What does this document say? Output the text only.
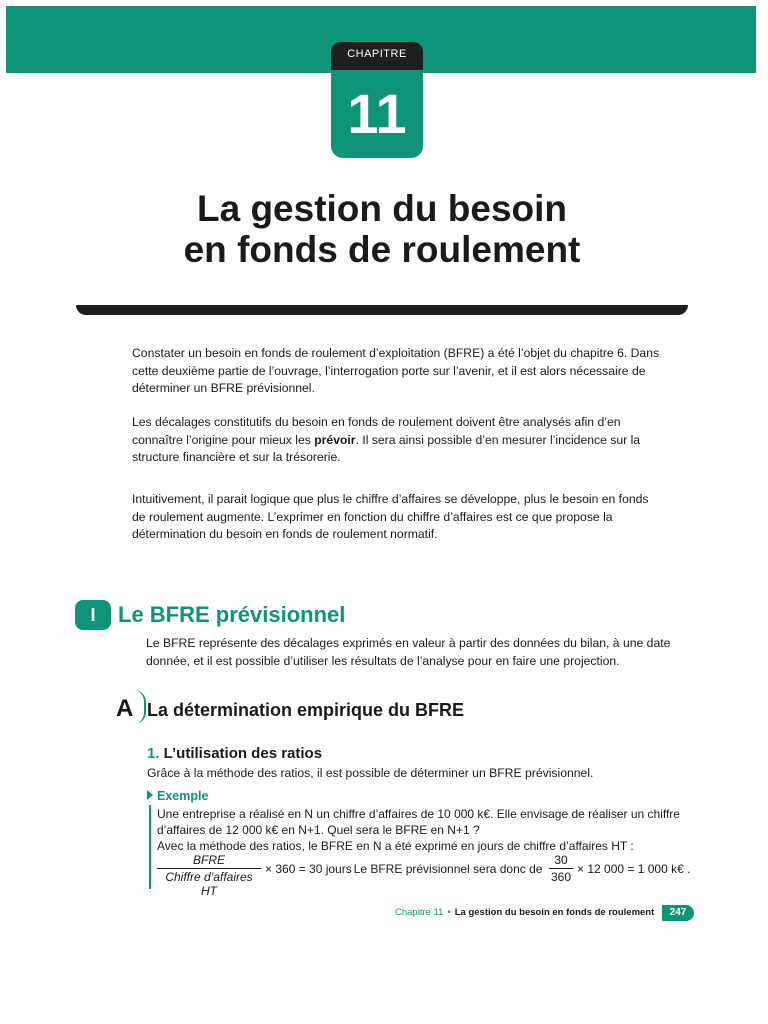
CHAPITRE
11
La gestion du besoin
en fonds de roulement
Constater un besoin en fonds de roulement d’exploitation (BFRE) a été l’objet du chapitre 6. Dans cette deuxième partie de l’ouvrage, l’interrogation porte sur l’avenir, et il est alors nécessaire de déterminer un BFRE prévisionnel.
Les décalages constitutifs du besoin en fonds de roulement doivent être analysés afin d’en connaître l’origine pour mieux les prévoir. Il sera ainsi possible d’en mesurer l’incidence sur la structure financière et sur la trésorerie.
Intuitivement, il parait logique que plus le chiffre d’affaires se développe, plus le besoin en fonds de roulement augmente. L’exprimer en fonction du chiffre d’affaires est ce que propose la détermination du besoin en fonds de roulement normatif.
I	Le BFRE prévisionnel
Le BFRE représente des décalages exprimés en valeur à partir des données du bilan, à une date donnée, et il est possible d’utiliser les résultats de l’analyse pour en faire une projection.
A La détermination empirique du BFRE
1. L’utilisation des ratios
Grâce à la méthode des ratios, il est possible de déterminer un BFRE prévisionnel.
Exemple
Une entreprise a réalisé en N un chiffre d’affaires de 10 000 k€. Elle envisage de réaliser un chiffre d’affaires de 12 000 k€ en N+1. Quel sera le BFRE en N+1 ?
Avec la méthode des ratios, le BFRE en N a été exprimé en jours de chiffre d’affaires HT :
BFRE
Chiffre d’affaires HT
× 360 = 30 jours
. Le BFRE prévisionnel sera donc de $\frac{30}{360} \times 12$ 000 = 1 000 k€ .
Chapitre 11 • La gestion du besoin en fonds de roulement	247
